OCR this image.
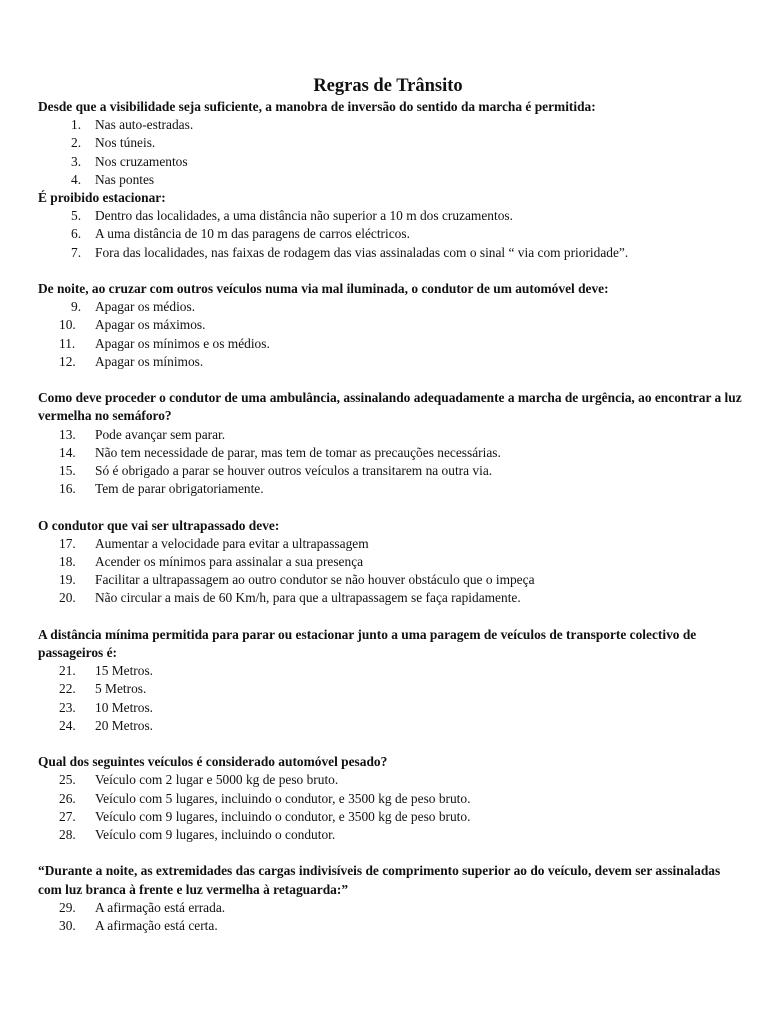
Regras de Trânsito

Desde que a visibilidade seja suficiente, a manobra de inversão do sentido da marcha é permitida:

1. Nas auto-estradas.
2. Nos túneis.
3. Nos cruzamentos
4. Nas pontes

É proibido estacionar:

5. Dentro das localidades, a uma distância não superior a 10 m dos cruzamentos.
6. A uma distância de 10 m das paragens de carros eléctricos.
7. Fora das localidades, nas faixas de rodagem das vias assinaladas com o sinal “ via com prioridade”.

De noite, ao cruzar com outros veículos numa via mal iluminada, o condutor de um automóvel deve:

9. Apagar os médios.
10. Apagar os máximos.
11. Apagar os mínimos e os médios.
12. Apagar os mínimos.

Como deve proceder o condutor de uma ambulância, assinalando adequadamente a marcha de urgência, ao encontrar a luz vermelha no semáforo?

13. Pode avançar sem parar.
14. Não tem necessidade de parar, mas tem de tomar as precauções necessárias.
15. Só é obrigado a parar se houver outros veículos a transitarem na outra via.
16. Tem de parar obrigatoriamente.

O condutor que vai ser ultrapassado deve:

17. Aumentar a velocidade para evitar a ultrapassagem
18. Acender os mínimos para assinalar a sua presença
19. Facilitar a ultrapassagem ao outro condutor se não houver obstáculo que o impeça
20. Não circular a mais de 60 Km/h, para que a ultrapassagem se faça rapidamente.

A distância mínima permitida para parar ou estacionar junto a uma paragem de veículos de transporte colectivo de passageiros é:

21. 15 Metros.
22. 5 Metros.
23. 10 Metros.
24. 20 Metros.

Qual dos seguintes veículos é considerado automóvel pesado?

25. Veículo com 2 lugar e 5000 kg de peso bruto.
26. Veículo com 5 lugares, incluindo o condutor, e 3500 kg de peso bruto.
27. Veículo com 9 lugares, incluindo o condutor, e 3500 kg de peso bruto.
28. Veículo com 9 lugares, incluindo o condutor.

“Durante a noite, as extremidades das cargas indivisíveis de comprimento superior ao do veículo, devem ser assinaladas com luz branca à frente e luz vermelha à retaguarda:”

29. A afirmação está errada.
30. A afirmação está certa.
